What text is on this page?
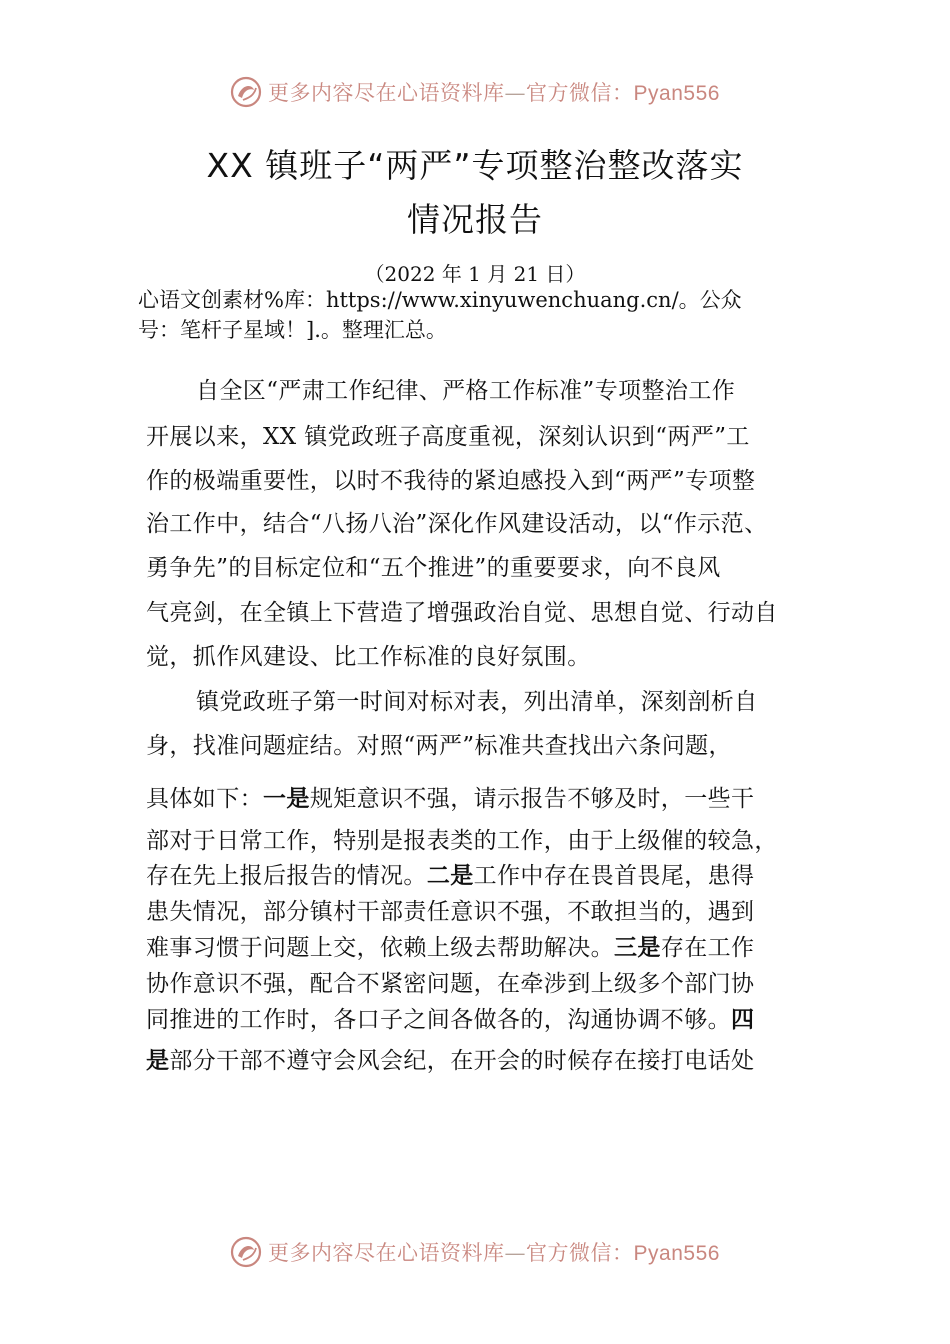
更多内容尽在心语资料库—官方微信：Pyan556
XX 镇班子“两严”专项整治整改落实
情况报告
（2022 年 1 月 21 日）
心语文创素材%库：https://www.xinyuwenchuang.cn/。公众
号：笔杆子星域！].。整理汇总。
自全区“严肃工作纪律、严格工作标准”专项整治工作
开展以来，XX 镇党政班子高度重视，深刻认识到“两严”工
作的极端重要性，以时不我待的紧迫感投入到“两严”专项整
治工作中，结合“八扬八治”深化作风建设活动，以“作示范、
勇争先”的目标定位和“五个推进”的重要要求，向不良风
气亮剑，在全镇上下营造了增强政治自觉、思想自觉、行动自
觉，抓作风建设、比工作标准的良好氛围。
镇党政班子第一时间对标对表，列出清单，深刻剖析自
身，找准问题症结。对照“两严”标准共查找出六条问题，
具体如下：一是规矩意识不强，请示报告不够及时，一些干
部对于日常工作，特别是报表类的工作，由于上级催的较急，
存在先上报后报告的情况。二是工作中存在畏首畏尾，患得
患失情况，部分镇村干部责任意识不强，不敢担当的，遇到
难事习惯于问题上交，依赖上级去帮助解决。三是存在工作
协作意识不强，配合不紧密问题，在牵涉到上级多个部门协
同推进的工作时，各口子之间各做各的，沟通协调不够。四
是部分干部不遵守会风会纪，在开会的时候存在接打电话处
更多内容尽在心语资料库—官方微信：Pyan556
